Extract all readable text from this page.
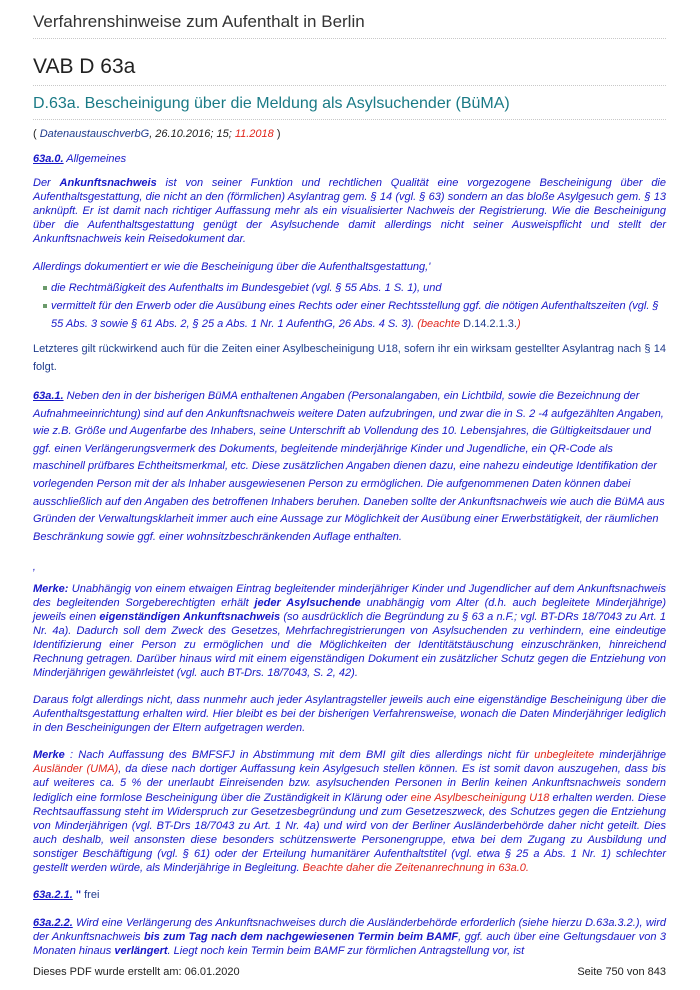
Verfahrenshinweise zum Aufenthalt in Berlin
VAB D 63a
D.63a. Bescheinigung über die Meldung als Asylsuchender (BüMA)
( DatenaustauschverbG, 26.10.2016; 15; 11.2018 )

63a.0. Allgemeines

Der Ankunftsnachweis ist von seiner Funktion und rechtlichen Qualität eine vorgezogene Bescheinigung über die Aufenthaltsgestattung, die nicht an den (förmlichen) Asylantrag gem. § 14 (vgl. § 63) sondern an das bloße Asylgesuch gem. § 13 anknüpft. Er ist damit nach richtiger Auffassung mehr als ein visualisierter Nachweis der Registrierung. Wie die Bescheinigung über die Aufenthaltsgestattung genügt der Asylsuchende damit allerdings nicht seiner Ausweispflicht und stellt der Ankunftsnachweis kein Reisedokument dar.

Allerdings dokumentiert er wie die Bescheinigung über die Aufenthaltsgestattung,'

die Rechtmäßigkeit des Aufenthalts im Bundesgebiet (vgl. § 55 Abs. 1 S. 1), und
vermittelt für den Erwerb oder die Ausübung eines Rechts oder einer Rechtsstellung ggf. die nötigen Aufenthaltszeiten (vgl. § 55 Abs. 3 sowie § 61 Abs. 2, § 25 a Abs. 1 Nr. 1 AufenthG, 26 Abs. 4 S. 3). (beachte D.14.2.1.3.)

Letzteres gilt rückwirkend auch für die Zeiten einer Asylbescheinigung U18, sofern ihr ein wirksam gestellter Asylantrag nach § 14 folgt.

63a.1. Neben den in der bisherigen BüMA enthaltenen Angaben (Personalangaben, ein Lichtbild, sowie die Bezeichnung der Aufnahmeeinrichtung) sind auf den Ankunftsnachweis weitere Daten aufzubringen, und zwar die in S. 2 -4 aufgezählten Angaben, wie z.B. Größe und Augenfarbe des Inhabers, seine Unterschrift ab Vollendung des 10. Lebensjahres, die Gültigkeitsdauer und ggf. einen Verlängerungsvermerk des Dokuments, begleitende minderjährige Kinder und Jugendliche, ein QR-Code als maschinell prüfbares Echtheitsmerkmal, etc. Diese zusätzlichen Angaben dienen dazu, eine nahezu eindeutige Identifikation der vorlegenden Person mit der als Inhaber ausgewiesenen Person zu ermöglichen. Die aufgenommenen Daten können dabei ausschließlich auf den Angaben des betroffenen Inhabers beruhen. Daneben sollte der Ankunftsnachweis wie auch die BüMA aus Gründen der Verwaltungsklarheit immer auch eine Aussage zur Möglichkeit der Ausübung einer Erwerbstätigkeit, der räumlichen Beschränkung sowie ggf. einer wohnsitzbeschränkenden Auflage enthalten.

‚

Merke: Unabhängig von einem etwaigen Eintrag begleitender minderjähriger Kinder und Jugendlicher auf dem Ankunftsnachweis des begleitenden Sorgeberechtigten erhält jeder Asylsuchende unabhängig vom Alter (d.h. auch begleitete Minderjährige) jeweils einen eigenständigen Ankunftsnachweis (so ausdrücklich die Begründung zu § 63 a n.F.; vgl. BT-DRs 18/7043 zu Art. 1 Nr. 4a). Dadurch soll dem Zweck des Gesetzes, Mehrfachregistrierungen von Asylsuchenden zu verhindern, eine eindeutige Identifizierung einer Person zu ermöglichen und die Möglichkeiten der Identitätstäuschung einzuschränken, hinreichend Rechnung getragen. Darüber hinaus wird mit einem eigenständigen Dokument ein zusätzlicher Schutz gegen die Entziehung von Minderjährigen gewährleistet (vgl. auch BT-Drs. 18/7043, S. 2, 42).

Daraus folgt allerdings nicht, dass nunmehr auch jeder Asylantragsteller jeweils auch eine eigenständige Bescheinigung über die Aufenthaltsgestattung erhalten wird. Hier bleibt es bei der bisherigen Verfahrensweise, wonach die Daten Minderjähriger lediglich in den Bescheinigungen der Eltern aufgetragen werden.

Merke : Nach Auffassung des BMFSFJ in Abstimmung mit dem BMI gilt dies allerdings nicht für unbegleitete minderjährige Ausländer (UMA), da diese nach dortiger Auffassung kein Asylgesuch stellen können. Es ist somit davon auszugehen, dass bis auf weiteres ca. 5 % der unerlaubt Einreisenden bzw. asylsuchenden Personen in Berlin keinen Ankunftsnachweis sondern lediglich eine formlose Bescheinigung über die Zuständigkeit in Klärung oder eine Asylbescheinigung U18 erhalten werden. Diese Rechtsauffassung steht im Widerspruch zur Gesetzesbegründung und zum Gesetzeszweck, des Schutzes gegen die Entziehung von Minderjährigen (vgl. BT-Drs 18/7043 zu Art. 1 Nr. 4a) und wird von der Berliner Ausländerbehörde daher nicht geteilt. Dies auch deshalb, weil ansonsten diese besonders schützenswerte Personengruppe, etwa bei dem Zugang zu Ausbildung und sonstiger Beschäftigung (vgl. § 61) oder der Erteilung humanitärer Aufenthaltstitel (vgl. etwa § 25 a Abs. 1 Nr. 1) schlechter gestellt werden würde, als Minderjährige in Begleitung. Beachte daher die Zeitenanrechnung in 63a.0.

63a.2.1. " frei

63a.2.2. Wird eine Verlängerung des Ankunftsnachweises durch die Ausländerbehörde erforderlich (siehe hierzu D.63a.3.2.), wird der Ankunftsnachweis bis zum Tag nach dem nachgewiesenen Termin beim BAMF, ggf. auch über eine Geltungsdauer von 3 Monaten hinaus verlängert. Liegt noch kein Termin beim BAMF zur förmlichen Antragstellung vor, ist

Dieses PDF wurde erstellt am: 06.01.2020	Seite 750 von 843
